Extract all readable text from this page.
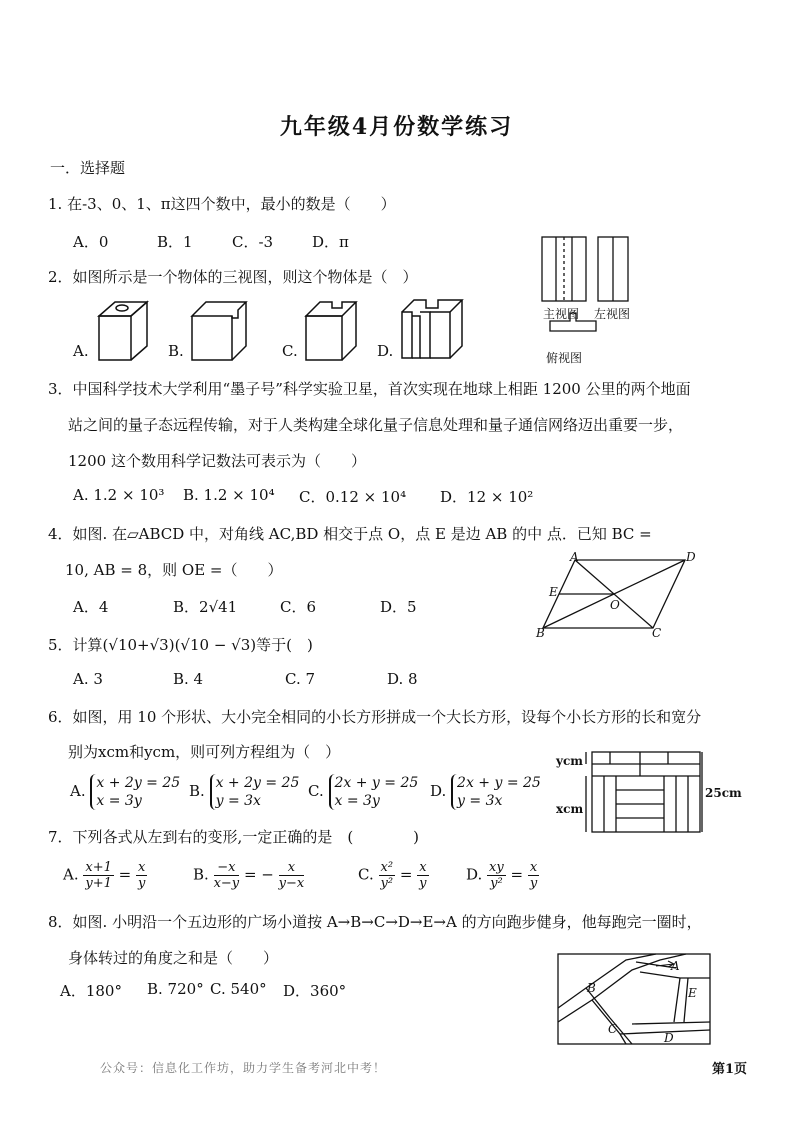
九年级4月份数学练习
一．选择题
1. 在-3、0、1、π这四个数中，最小的数是（　　）
A．0	B．1	C．-3	D．π
2．如图所示是一个物体的三视图，则这个物体是（　）
A.	B.	C.	D.
主视图 左视图
俯视图
3．中国科学技术大学利用“墨子号”科学实验卫星，首次实现在地球上相距 1200 公里的两个地面
站之间的量子态远程传输，对于人类构建全球化量子信息处理和量子通信网络迈出重要一步，
1200 这个数用科学记数法可表示为（　　）
A. 1.2 × 10³ B. 1.2 × 10⁴ C．0.12 × 10⁴ D．12 × 10²
4．如图. 在▱ABCD 中，对角线 AC,BD 相交于点 O，点 E 是边 AB 的中 点．已知 BC =
10, AB = 8，则 OE =（　　）
A．4	B．2√41	C．6	D．5
A	D
E
O
B	C
5．计算(√10+√3)(√10 − √3)等于(　)
A. 3	B. 4	C. 7	D. 8
6．如图，用 10 个形状、大小完全相同的小长方形拼成一个大长方形，设每个小长方形的长和宽分
别为xcm和ycm，则可列方程组为（　）
A. x + 2y = 25
x = 3y
B. x + 2y = 25
y = 3x
C. 2x + y = 25
x = 3y
D. 2x + y = 25
y = 3x
ycm
xcm
25cm
7．下列各式从左到右的变形,一定正确的是　(　　　　)
A. $\frac{x+1}{y+1} = \frac{x}{y}$	B. $\frac{-x}{x-y}$ = − $\frac{x}{y-x}$	C. $\frac{\text{x²}}{\text{y²}} = \frac{x}{y} D$. $\frac{xy}{\text{y²}} = \frac{x}{y}$
8．如图. 小明沿一个五边形的广场小道按 A→B→C→D→E→A 的方向跑步健身，他每跑完一圈时，
身体转过的角度之和是（　　）
A．180° B. 720° C. 540° D．360°
A
B
C
D
E
公众号：信息化工作坊，助力学生备考河北中考！	第1页
